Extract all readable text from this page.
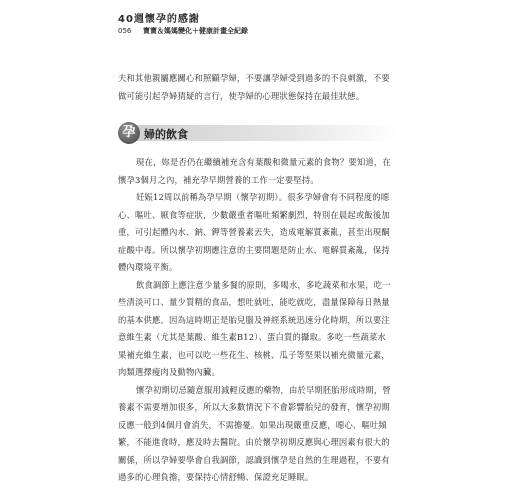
40週懷孕的感謝
056 寶寶＆媽媽變化＋健康計畫全紀錄
夫和其他親屬應關心和照顧孕婦，不要讓孕婦受到過多的不良刺激，不要
做可能引起孕婦猜疑的言行，使孕婦的心理狀態保持在最佳狀態。
孕 婦的飲食
現在，妳是否仍在繼續補充含有葉酸和微量元素的食物？要知道，在
懷孕3個月之內，補充孕早期營養的工作一定要堅持。
妊娠12周以前稱為孕早期（懷孕初期）。很多孕婦會有不同程度的噁
心、嘔吐、厭食等症狀，少數嚴重者嘔吐頻繁劇烈，特別在晨起或飯後加
重，可引起體內水、鈉、鉀等營養素丟失，造成電解質紊亂，甚至出現酮
症酸中毒。所以懷孕初期應注意的主要問題是防止水、電解質紊亂，保持
體內環境平衡。
飲食調節上應注意少量多餐的原則，多喝水，多吃蔬菜和水果，吃一
些清淡可口、量少質精的食品，想吐就吐，能吃就吃，盡量保障每日熱量
的基本供應。因為這時期正是胎兒腦及神經系統迅速分化時期，所以要注
意維生素（尤其是葉酸、維生素B12）、蛋白質的攝取。多吃一些蔬菜水
果補充維生素，也可以吃一些花生、核桃、瓜子等堅果以補充微量元素，
肉類選擇瘦肉及動物內臟。
懷孕初期切忌隨意服用減輕反應的藥物，由於早期胚胎形成時期，營
養素不需要增加很多，所以大多數情況下不會影響胎兒的發育，懷孕初期
反應一般到4個月會消失，不需擔憂。如果出現嚴重反應，噁心、嘔吐頻
繁，不能進食時，應及時去醫院。由於懷孕初期反應與心理因素有很大的
關係，所以孕婦要學會自我調節，認識到懷孕是自然的生理過程，不要有
過多的心理負擔，要保持心情舒暢、保證充足睡眠。
